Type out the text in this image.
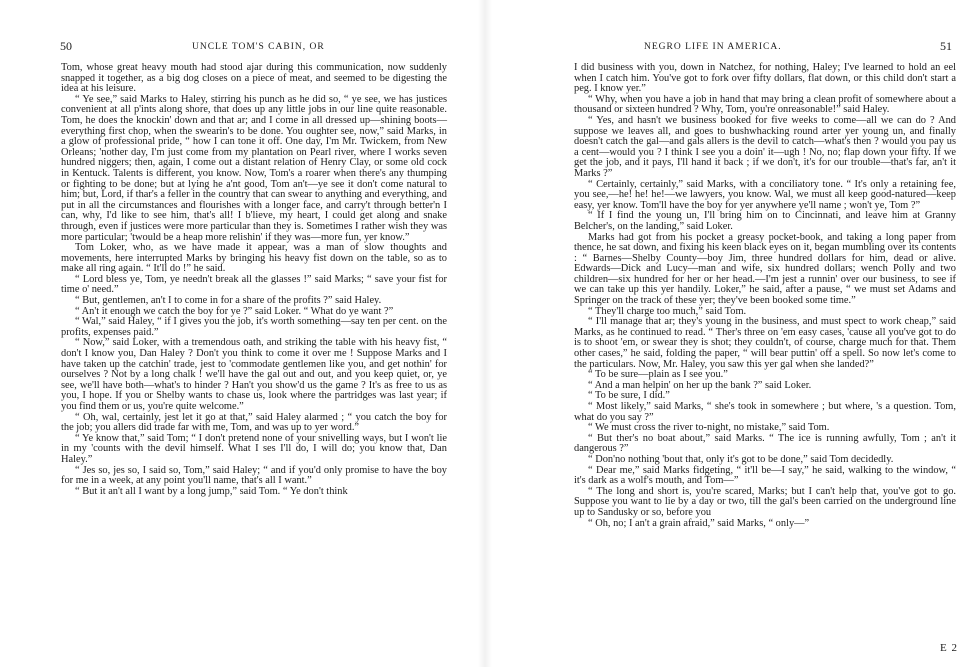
50	UNCLE TOM'S CABIN, OR

Tom, whose great heavy mouth had stood ajar during this communication, now suddenly snapped it together, as a big dog closes on a piece of meat, and seemed to be digesting the idea at his leisure.

“ Ye see,” said Marks to Haley, stirring his punch as he did so, “ ye see, we has justices convenient at all p'ints along shore, that does up any little jobs in our line quite reasonable. Tom, he does the knockin' down and that ar; and I come in all dressed up—shining boots—everything first chop, when the swearin's to be done. You oughter see, now,” said Marks, in a glow of professional pride, “ how I can tone it off. One day, I'm Mr. Twickem, from New Orleans; 'nother day, I'm just come from my plantation on Pearl river, where I works seven hundred niggers; then, again, I come out a distant relation of Henry Clay, or some old cock in Kentuck. Talents is different, you know. Now, Tom's a roarer when there's any thumping or fighting to be done; but at lying he a'nt good, Tom an't—ye see it don't come natural to him; but, Lord, if thar's a feller in the country that can swear to anything and everything, and put in all the circumstances and flourishes with a longer face, and carry't through better'n I can, why, I'd like to see him, that's all! I b'lieve, my heart, I could get along and snake through, even if justices were more particular than they is. Sometimes I rather wish they was more particular; 'twould be a heap more relishin' if they was—more fun, yer know.”

Tom Loker, who, as we have made it appear, was a man of slow thoughts and movements, here interrupted Marks by bringing his heavy fist down on the table, so as to make all ring again. “ It'll do !” he said.

“ Lord bless ye, Tom, ye needn't break all the glasses !” said Marks; “ save your fist for time o' need.”

“ But, gentlemen, an't I to come in for a share of the profits ?” said Haley.

“ An't it enough we catch the boy for ye ?” said Loker. “ What do ye want ?”

“ Wal,” said Haley, “ if I gives you the job, it's worth something—say ten per cent. on the profits, expenses paid.”

“ Now,” said Loker, with a tremendous oath, and striking the table with his heavy fist, “ don't I know you, Dan Haley ? Don't you think to come it over me ! Suppose Marks and I have taken up the catchin' trade, jest to 'commodate gentlemen like you, and get nothin' for ourselves ? Not by a long chalk ! we'll have the gal out and out, and you keep quiet, or, ye see, we'll have both—what's to hinder ? Han't you show'd us the game ? It's as free to us as you, I hope. If you or Shelby wants to chase us, look where the partridges was last year; if you find them or us, you're quite welcome.”

“ Oh, wal, certainly, jest let it go at that,” said Haley alarmed ; “ you catch the boy for the job; you allers did trade far with me, Tom, and was up to yer word.”

“ Ye know that,” said Tom; “ I don't pretend none of your snivelling ways, but I won't lie in my 'counts with the devil himself. What I ses I'll do, I will do; you know that, Dan Haley.”

“ Jes so, jes so, I said so, Tom,” said Haley; “ and if you'd only promise to have the boy for me in a week, at any point you'll name, that's all I want.”

“ But it an't all I want by a long jump,” said Tom. “ Ye don't think

NEGRO LIFE IN AMERICA.	51

I did business with you, down in Natchez, for nothing, Haley; I've learned to hold an eel when I catch him. You've got to fork over fifty dollars, flat down, or this child don't start a peg. I know yer.”

“ Why, when you have a job in hand that may bring a clean profit of somewhere about a thousand or sixteen hundred ? Why, Tom, you're onreasonable!” said Haley.

“ Yes, and hasn't we business booked for five weeks to come—all we can do ? And suppose we leaves all, and goes to bushwhacking round arter yer young un, and finally doesn't catch the gal—and gals allers is the devil to catch—what's then ? would you pay us a cent—would you ? I think I see you a doin' it—ugh ! No, no; flap down your fifty. If we get the job, and it pays, I'll hand it back ; if we don't, it's for our trouble—that's far, an't it Marks ?”

“ Certainly, certainly,” said Marks, with a conciliatory tone. “ It's only a retaining fee, you see,—he! he! he!—we lawyers, you know. Wal, we must all keep good-natured—keep easy, yer know. Tom'll have the boy for yer anywhere ye'll name ; won't ye, Tom ?”

“ If I find the young un, I'll bring him on to Cincinnati, and leave him at Granny Belcher's, on the landing,” said Loker.

Marks had got from his pocket a greasy pocket-book, and taking a long paper from thence, he sat down, and fixing his keen black eyes on it, began mumbling over its contents : “ Barnes—Shelby County—boy Jim, three hundred dollars for him, dead or alive. Edwards—Dick and Lucy—man and wife, six hundred dollars; wench Polly and two children—six hundred for her or her head.—I'm jest a runnin' over our business, to see if we can take up this yer handily. Loker,” he said, after a pause, “ we must set Adams and Springer on the track of these yer; they've been booked some time.”

“ They'll charge too much,” said Tom.

“ I'll manage that ar; they's young in the business, and must spect to work cheap,” said Marks, as he continued to read. “ Ther's three on 'em easy cases, 'cause all you've got to do is to shoot 'em, or swear they is shot; they couldn't, of course, charge much for that. Them other cases,” he said, folding the paper, “ will bear puttin' off a spell. So now let's come to the particulars. Now, Mr. Haley, you saw this yer gal when she landed?”

“ To be sure—plain as I see you.”

“ And a man helpin' on her up the bank ?” said Loker.

“ To be sure, I did.”

“ Most likely,” said Marks, “ she's took in somewhere ; but where, 's a question. Tom, what do you say ?”

“ We must cross the river to-night, no mistake,” said Tom.

“ But ther's no boat about,” said Marks. “ The ice is running awfully, Tom ; an't it dangerous ?”

“ Don'no nothing 'bout that, only it's got to be done,” said Tom decidedly.

“ Dear me,” said Marks fidgeting, “ it'll be—I say,” he said, walking to the window, “ it's dark as a wolf's mouth, and Tom—”

“ The long and short is, you're scared, Marks; but I can't help that, you've got to go. Suppose you want to lie by a day or two, till the gal's been carried on the underground line up to Sandusky or so, before you

“ Oh, no; I an't a grain afraid,” said Marks, “ only—”

E 2
